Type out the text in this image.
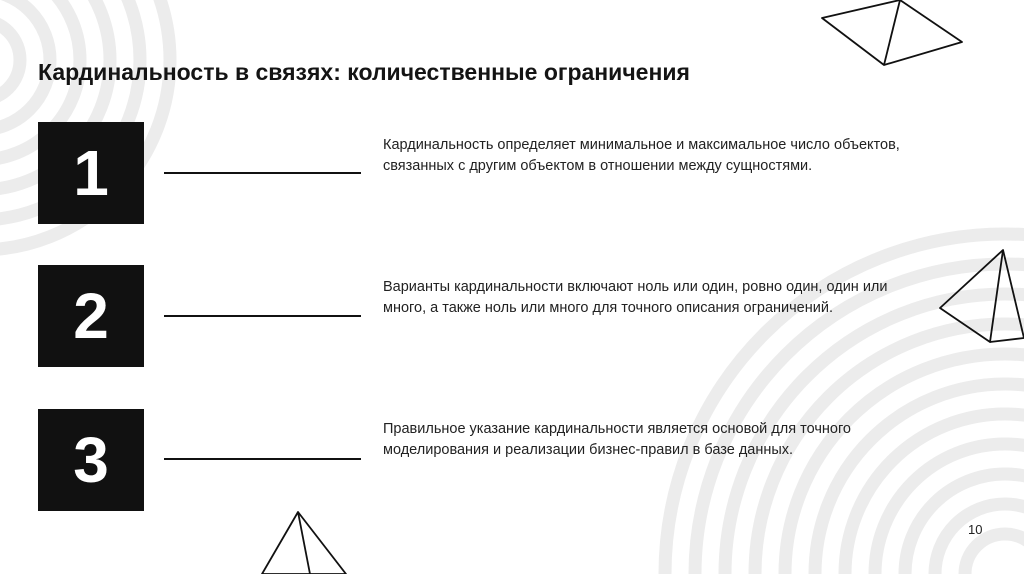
Кардинальность в связях: количественные ограничения
1	Кардинальность определяет минимальное и максимальное число объектов, связанных с другим объектом в отношении между сущностями.
2	Варианты кардинальности включают ноль или один, ровно один, один или много, а также ноль или много для точного описания ограничений.
3	Правильное указание кардинальности является основой для точного моделирования и реализации бизнес-правил в базе данных.
10
